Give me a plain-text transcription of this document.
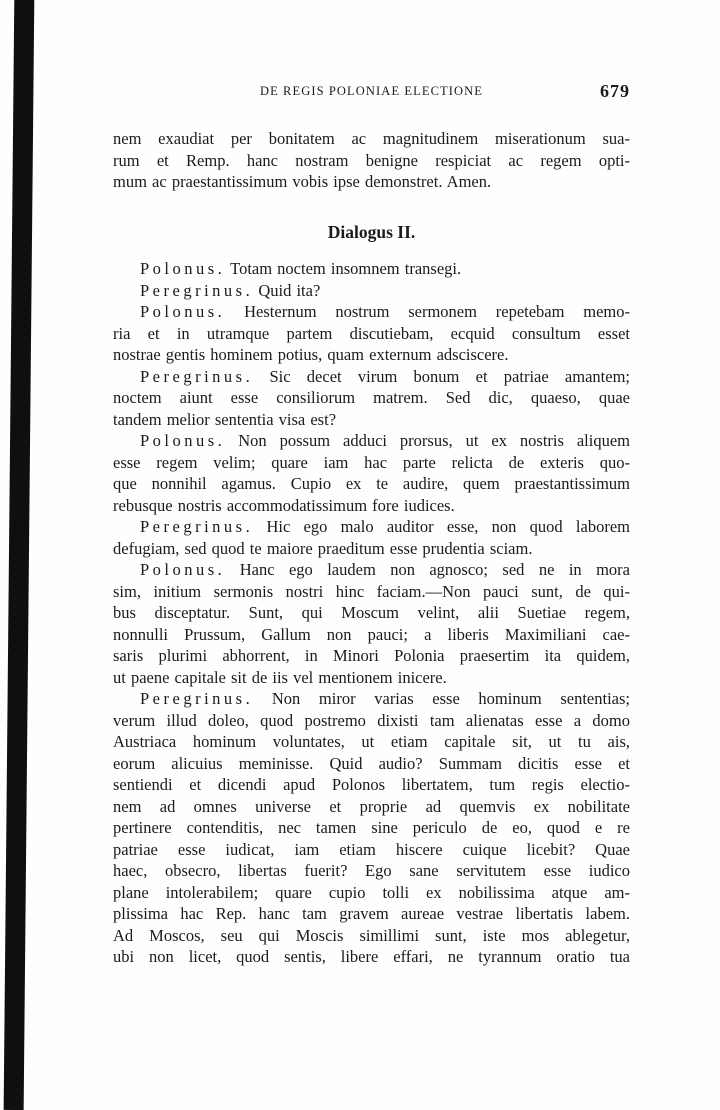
DE REGIS POLONIAE ELECTIONE	679
nem exaudiat per bonitatem ac magnitudinem miserationum sua-
rum et Remp. hanc nostram benigne respiciat ac regem opti-
mum ac praestantissimum vobis ipse demonstret. Amen.
Dialogus II.
Polonus. Totam noctem insomnem transegi.
Peregrinus. Quid ita?
Polonus. Hesternum nostrum sermonem repetebam memo-
ria et in utramque partem discutiebam, ecquid consultum esset
nostrae gentis hominem potius, quam externum adsciscere.
Peregrinus. Sic decet virum bonum et patriae amantem;
noctem aiunt esse consiliorum matrem. Sed dic, quaeso, quae
tandem melior sententia visa est?
Polonus. Non possum adduci prorsus, ut ex nostris aliquem
esse regem velim; quare iam hac parte relicta de exteris quo-
que nonnihil agamus. Cupio ex te audire, quem praestantissimum
rebusque nostris accommodatissimum fore iudices.
Peregrinus. Hic ego malo auditor esse, non quod laborem
defugiam, sed quod te maiore praeditum esse prudentia sciam.
Polonus. Hanc ego laudem non agnosco; sed ne in mora
sim, initium sermonis nostri hinc faciam.—Non pauci sunt, de qui-
bus disceptatur. Sunt, qui Moscum velint, alii Suetiae regem,
nonnulli Prussum, Gallum non pauci; a liberis Maximiliani cae-
saris plurimi abhorrent, in Minori Polonia praesertim ita quidem,
ut paene capitale sit de iis vel mentionem inicere.
Peregrinus. Non miror varias esse hominum sententias;
verum illud doleo, quod postremo dixisti tam alienatas esse a domo
Austriaca hominum voluntates, ut etiam capitale sit, ut tu ais,
eorum alicuius meminisse. Quid audio? Summam dicitis esse et
sentiendi et dicendi apud Polonos libertatem, tum regis electio-
nem ad omnes universe et proprie ad quemvis ex nobilitate
pertinere contenditis, nec tamen sine periculo de eo, quod e re
patriae esse iudicat, iam etiam hiscere cuique licebit? Quae
haec, obsecro, libertas fuerit? Ego sane servitutem esse iudico
plane intolerabilem; quare cupio tolli ex nobilissima atque am-
plissima hac Rep. hanc tam gravem aureae vestrae libertatis labem.
Ad Moscos, seu qui Moscis simillimi sunt, iste mos ablegetur,
ubi non licet, quod sentis, libere effari, ne tyrannum oratio tua
